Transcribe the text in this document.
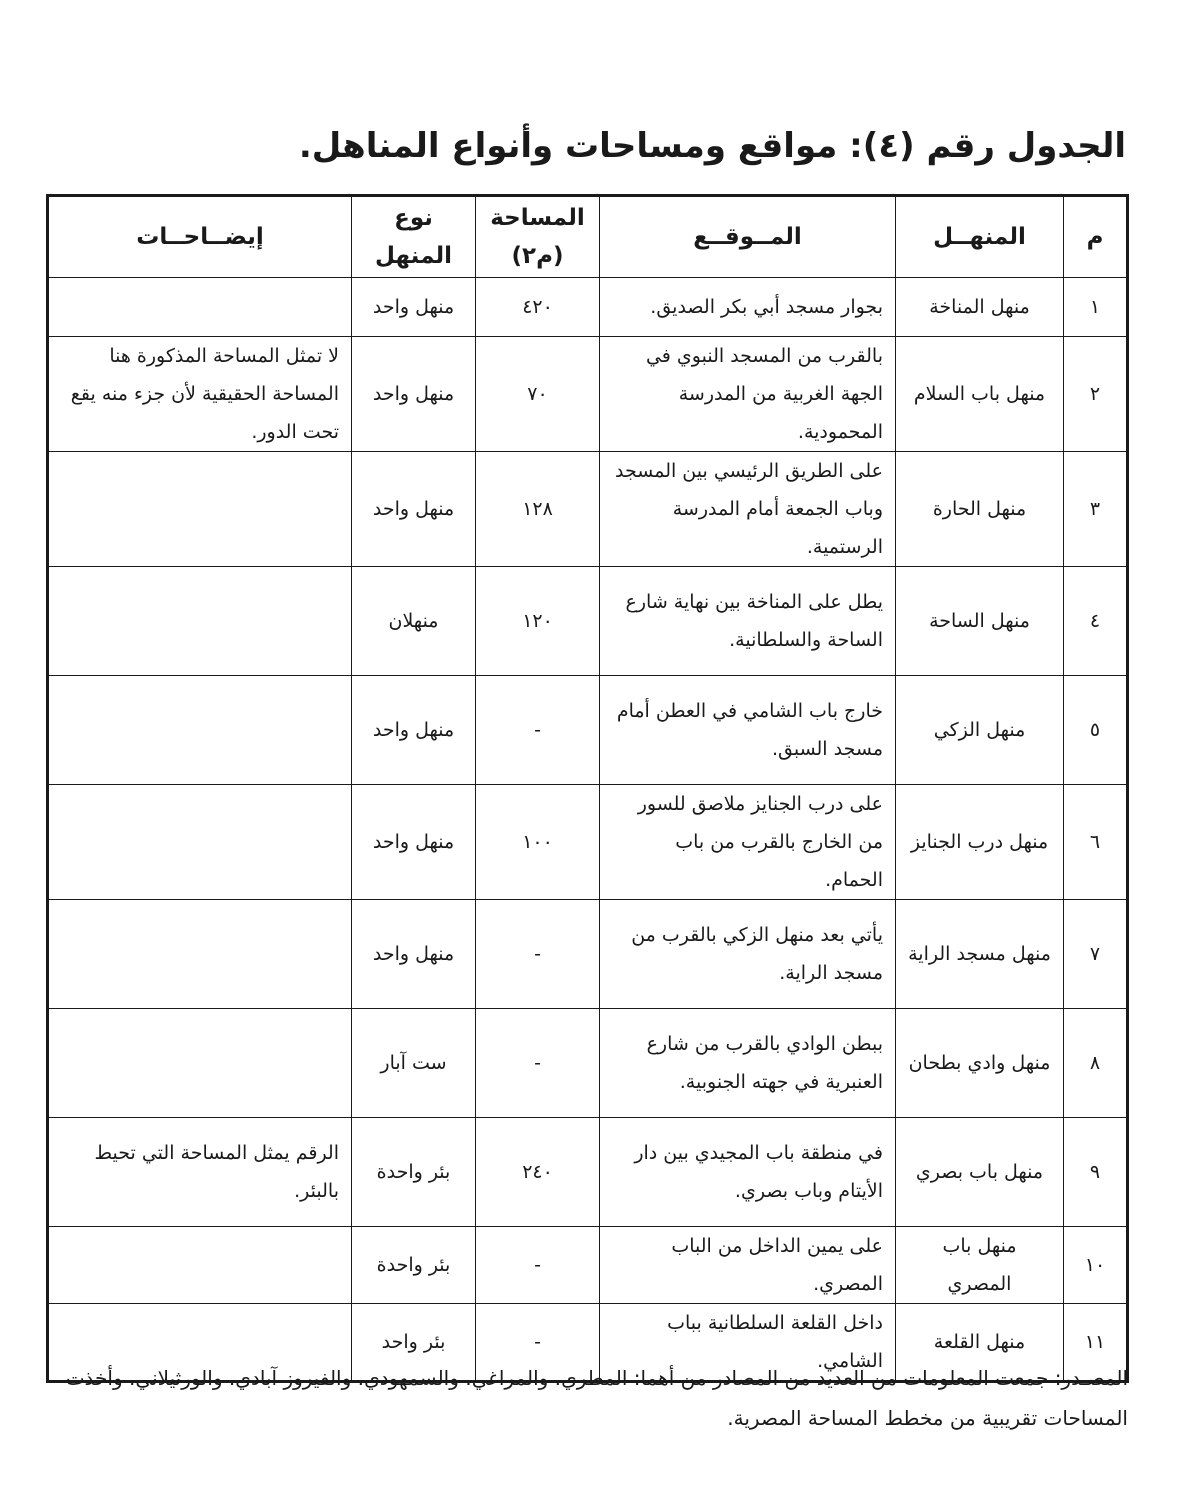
الجدول رقم (٤): مواقع ومساحات وأنواع المناهل.
م	المنهــل	المــوقــع	المساحة (م٢)	نوع المنهل	إيضــاحــات
١	منهل المناخة	بجوار مسجد أبي بكر الصديق.	٤٢٠	منهل واحد	
٢	منهل باب السلام	بالقرب من المسجد النبوي في الجهة الغربية من المدرسة المحمودية.	٧٠	منهل واحد	لا تمثل المساحة المذكورة هنا المساحة الحقيقية لأن جزء منه يقع تحت الدور.
٣	منهل الحارة	على الطريق الرئيسي بين المسجد وباب الجمعة أمام المدرسة الرستمية.	١٢٨	منهل واحد	
٤	منهل الساحة	يطل على المناخة بين نهاية شارع الساحة والسلطانية.	١٢٠	منهلان	
٥	منهل الزكي	خارج باب الشامي في العطن أمام مسجد السبق.	-	منهل واحد	
٦	منهل درب الجنايز	على درب الجنايز ملاصق للسور من الخارج بالقرب من باب الحمام.	١٠٠	منهل واحد	
٧	منهل مسجد الراية	يأتي بعد منهل الزكي بالقرب من مسجد الراية.	-	منهل واحد	
٨	منهل وادي بطحان	ببطن الوادي بالقرب من شارع العنبرية في جهته الجنوبية.	-	ست آبار	
٩	منهل باب بصري	في منطقة باب المجيدي بين دار الأيتام وباب بصري.	٢٤٠	بئر واحدة	الرقم يمثل المساحة التي تحيط بالبئر.
١٠	منهل باب المصري	على يمين الداخل من الباب المصري.	-	بئر واحدة	
١١	منهل القلعة	داخل القلعة السلطانية بباب الشامي.	-	بئر واحد	

المصـدر: جمعت المعلومات من العديد من المصادر من أهما: المطري، والمراغي، والسمهودي، والفيروز آبادي، والورثيلاني، وأخذت المساحات تقريبية من مخطط المساحة المصرية.
